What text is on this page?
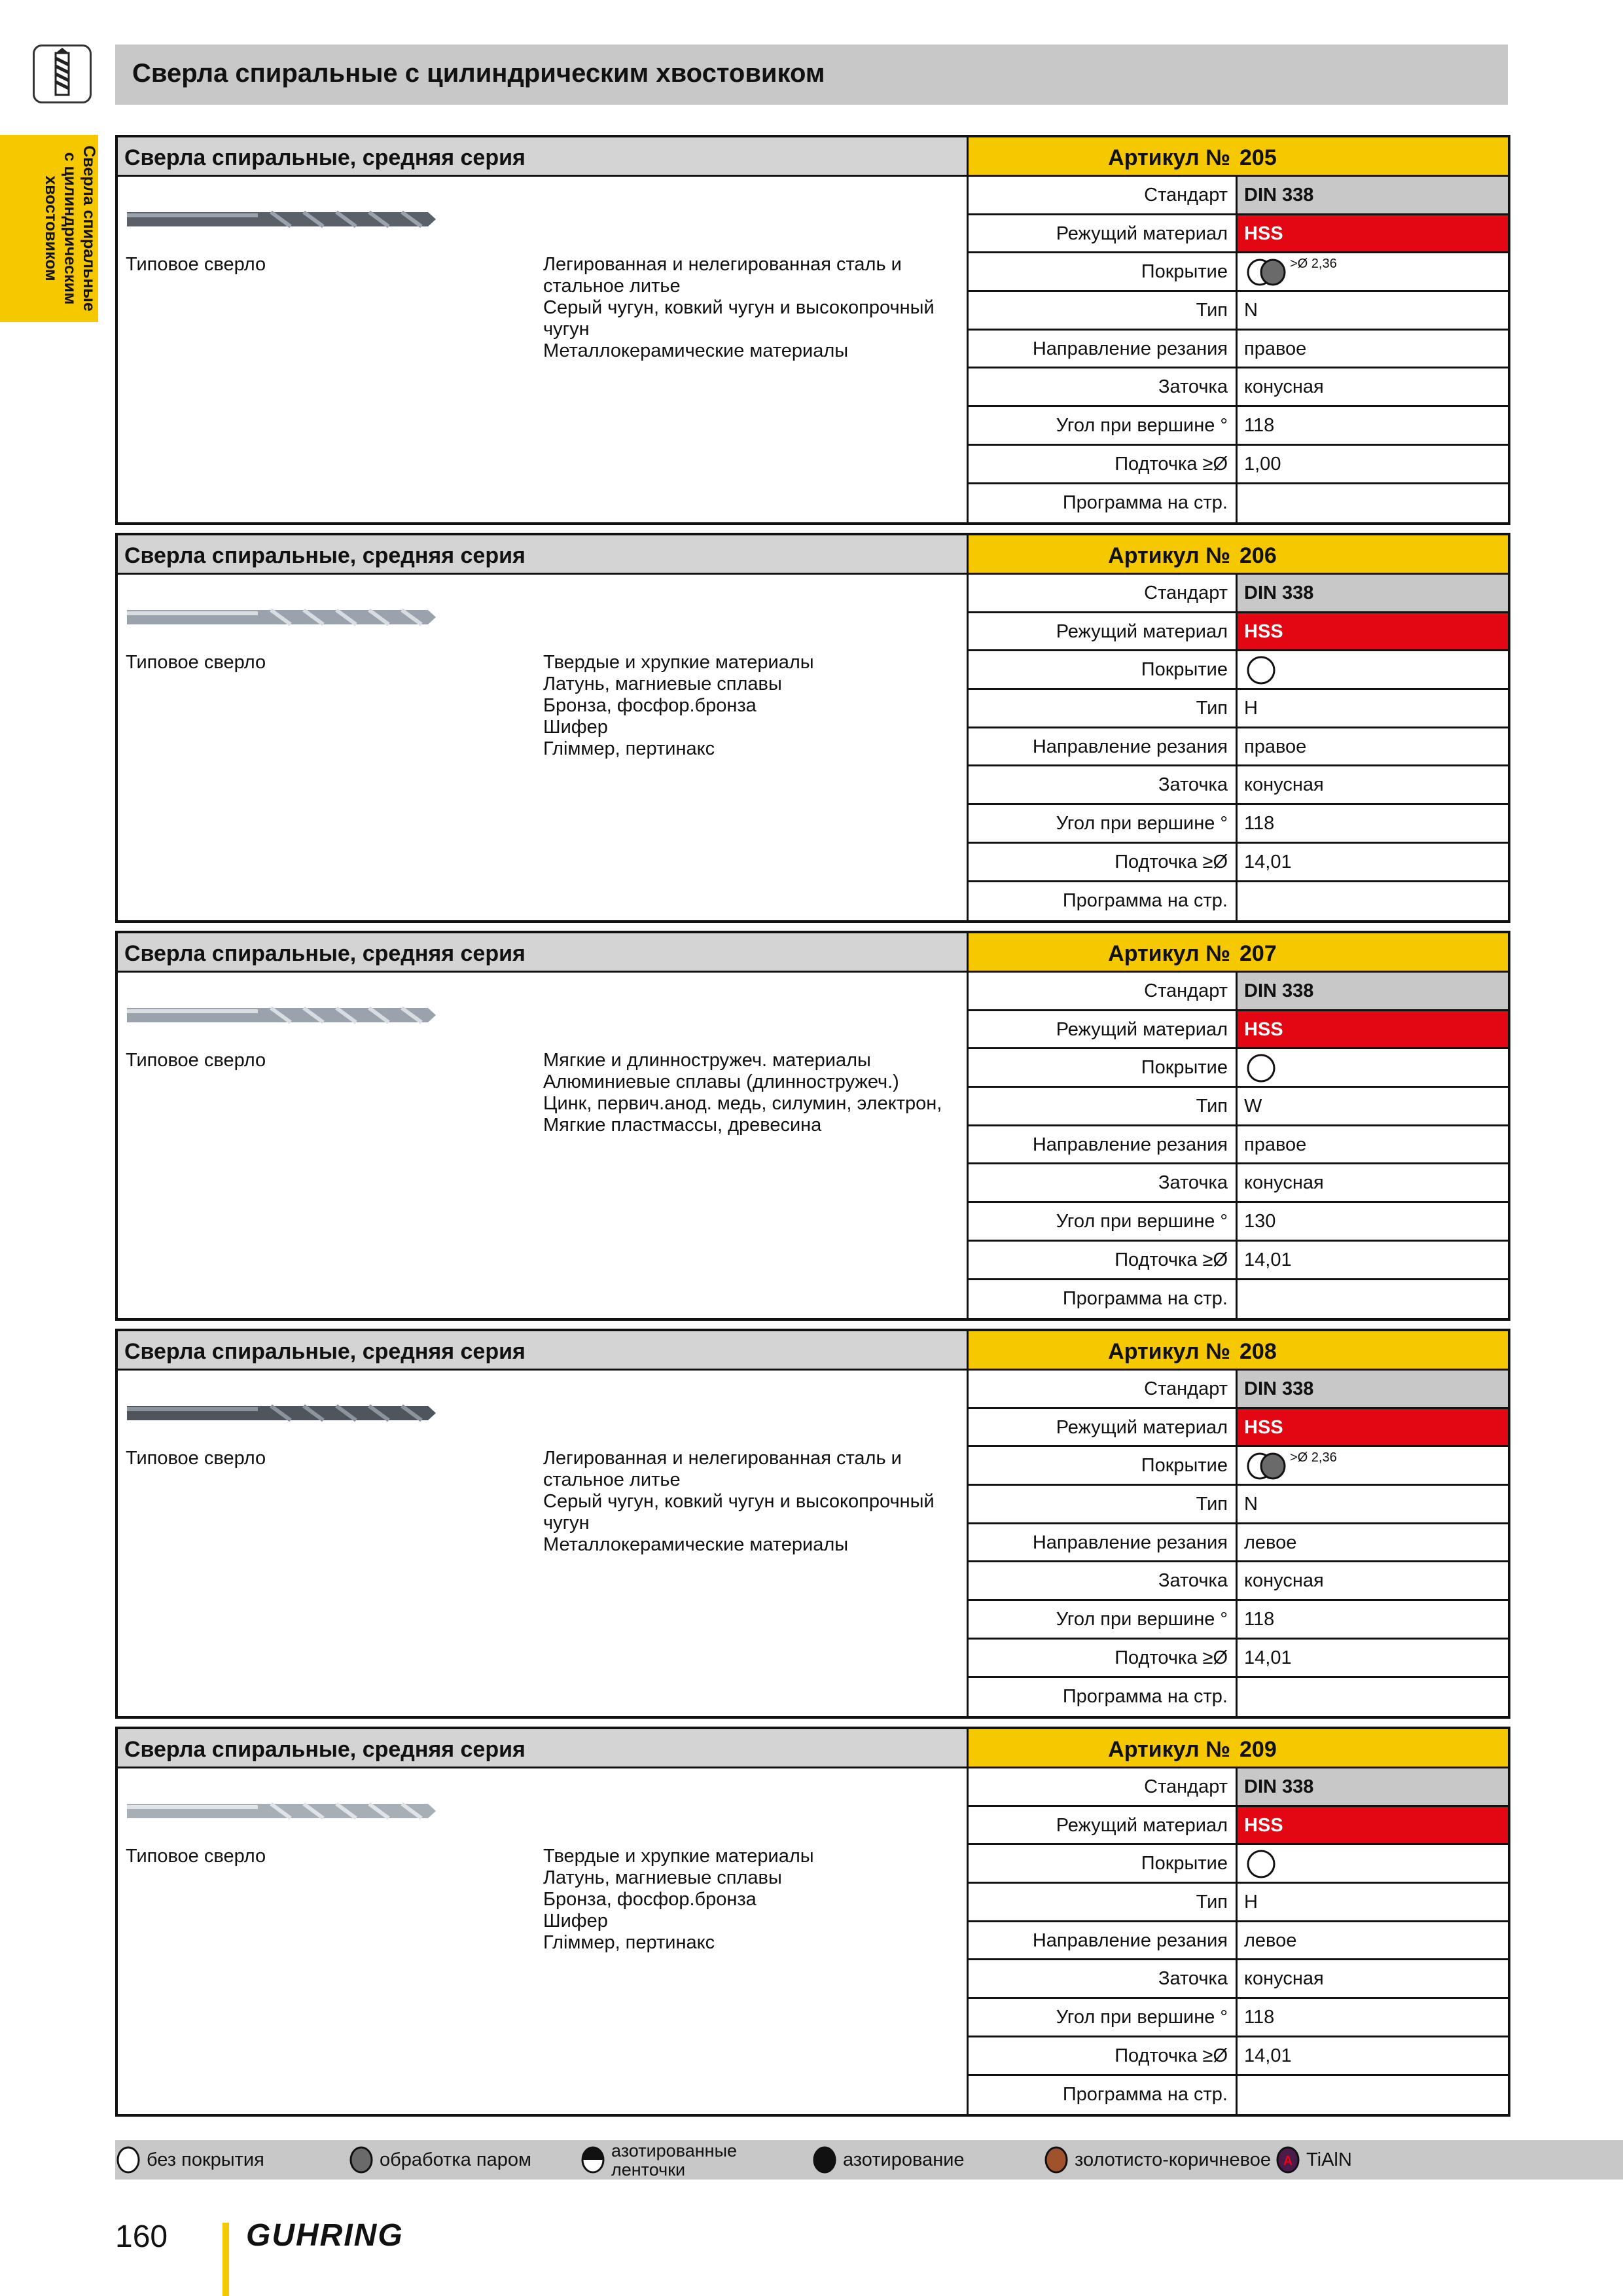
Сверла спиральные с цилиндрическим хвостовиком
Сверла спиральные с цилиндрическим хвостовиком
Сверла спиральные, средняя серия	Артикул № 205
Типовое сверло	Легированная и нелегированная сталь и стальное литье
Серый чугун, ковкий чугун и высокопрочный чугун
Металлокерамические материалы
Стандарт DIN 338
Режущий материал HSS
Покрытие	>Ø 2,36
Тип N
Направление резания правое
Заточка конусная
Угол при вершине ° 118
Подточка ≥Ø 1,00
Программа на стр.
Сверла спиральные, средняя серия	Артикул № 206
Типовое сверло	Твердые и хрупкие материалы
Латунь, магниевые сплавы
Бронза, фосфор.бронза
Шифер
Гліммер, пертинакс
Стандарт DIN 338
Режущий материал HSS
Покрытие
Тип H
Направление резания правое
Заточка конусная
Угол при вершине ° 118
Подточка ≥Ø 14,01
Программа на стр.
Сверла спиральные, средняя серия	Артикул № 207
Типовое сверло	Мягкие и длинностружеч. материалы
Алюминиевые сплавы (длинностружеч.)
Цинк, первич.анод. медь, силумин, электрон,
Мягкие пластмассы, древесина
Стандарт DIN 338
Режущий материал HSS
Покрытие
Тип W
Направление резания правое
Заточка конусная
Угол при вершине ° 130
Подточка ≥Ø 14,01
Программа на стр.
Сверла спиральные, средняя серия	Артикул № 208
Типовое сверло	Легированная и нелегированная сталь и стальное литье
Серый чугун, ковкий чугун и высокопрочный чугун
Металлокерамические материалы
Стандарт DIN 338
Режущий материал HSS
Покрытие	>Ø 2,36
Тип N
Направление резания левое
Заточка конусная
Угол при вершине ° 118
Подточка ≥Ø 14,01
Программа на стр.
Сверла спиральные, средняя серия	Артикул № 209
Типовое сверло	Твердые и хрупкие материалы
Латунь, магниевые сплавы
Бронза, фосфор.бронза
Шифер
Гліммер, пертинакс
Стандарт DIN 338
Режущий материал HSS
Покрытие
Тип H
Направление резания левое
Заточка конусная
Угол при вершине ° 118
Подточка ≥Ø 14,01
Программа на стр.
без покрытия	обработка паром	азотированные
ленточки	азотирование	золотисто-коричневое A TiAlN
160 GUHRING
